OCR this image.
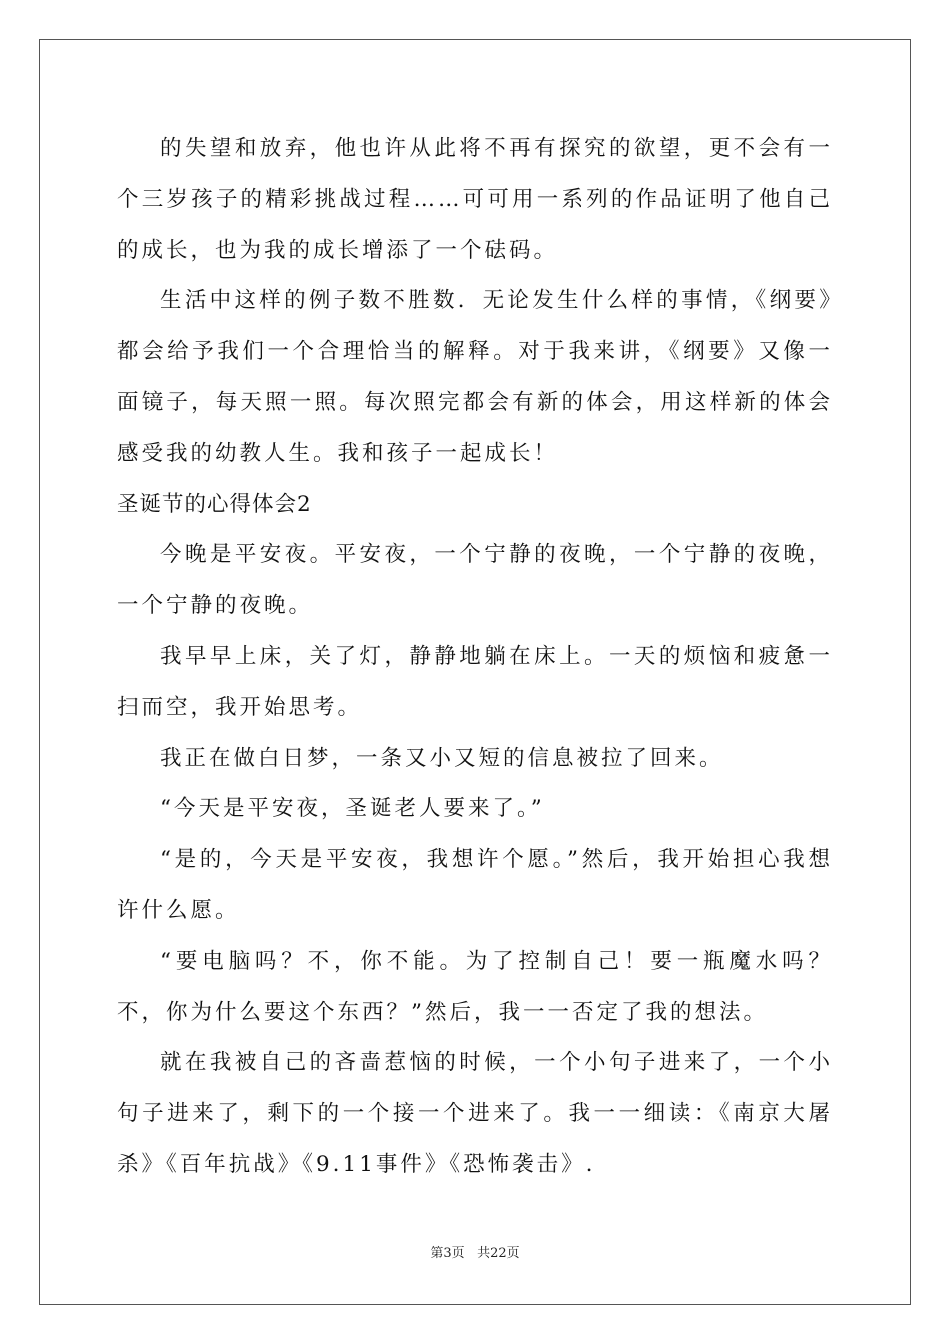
的失望和放弃，他也许从此将不再有探究的欲望，更不会有一个三岁孩子的精彩挑战过程……可可用一系列的作品证明了他自己的成长，也为我的成长增添了一个砝码。

生活中这样的例子数不胜数．无论发生什么样的事情，《纲要》都会给予我们一个合理恰当的解释。对于我来讲，《纲要》又像一面镜子，每天照一照。每次照完都会有新的体会，用这样新的体会感受我的幼教人生。我和孩子一起成长！

圣诞节的心得体会2

今晚是平安夜。平安夜，一个宁静的夜晚，一个宁静的夜晚，一个宁静的夜晚。

我早早上床，关了灯，静静地躺在床上。一天的烦恼和疲惫一扫而空，我开始思考。

我正在做白日梦，一条又小又短的信息被拉了回来。

“今天是平安夜，圣诞老人要来了。”

“是的，今天是平安夜，我想许个愿。”然后，我开始担心我想许什么愿。

“要电脑吗？不，你不能。为了控制自己！要一瓶魔水吗？不，你为什么要这个东西？”然后，我一一否定了我的想法。

就在我被自己的吝啬惹恼的时候，一个小句子进来了，一个小句子进来了，剩下的一个接一个进来了。我一一细读：《南京大屠杀》《百年抗战》《9.11事件》《恐怖袭击》.

第3页 共22页
